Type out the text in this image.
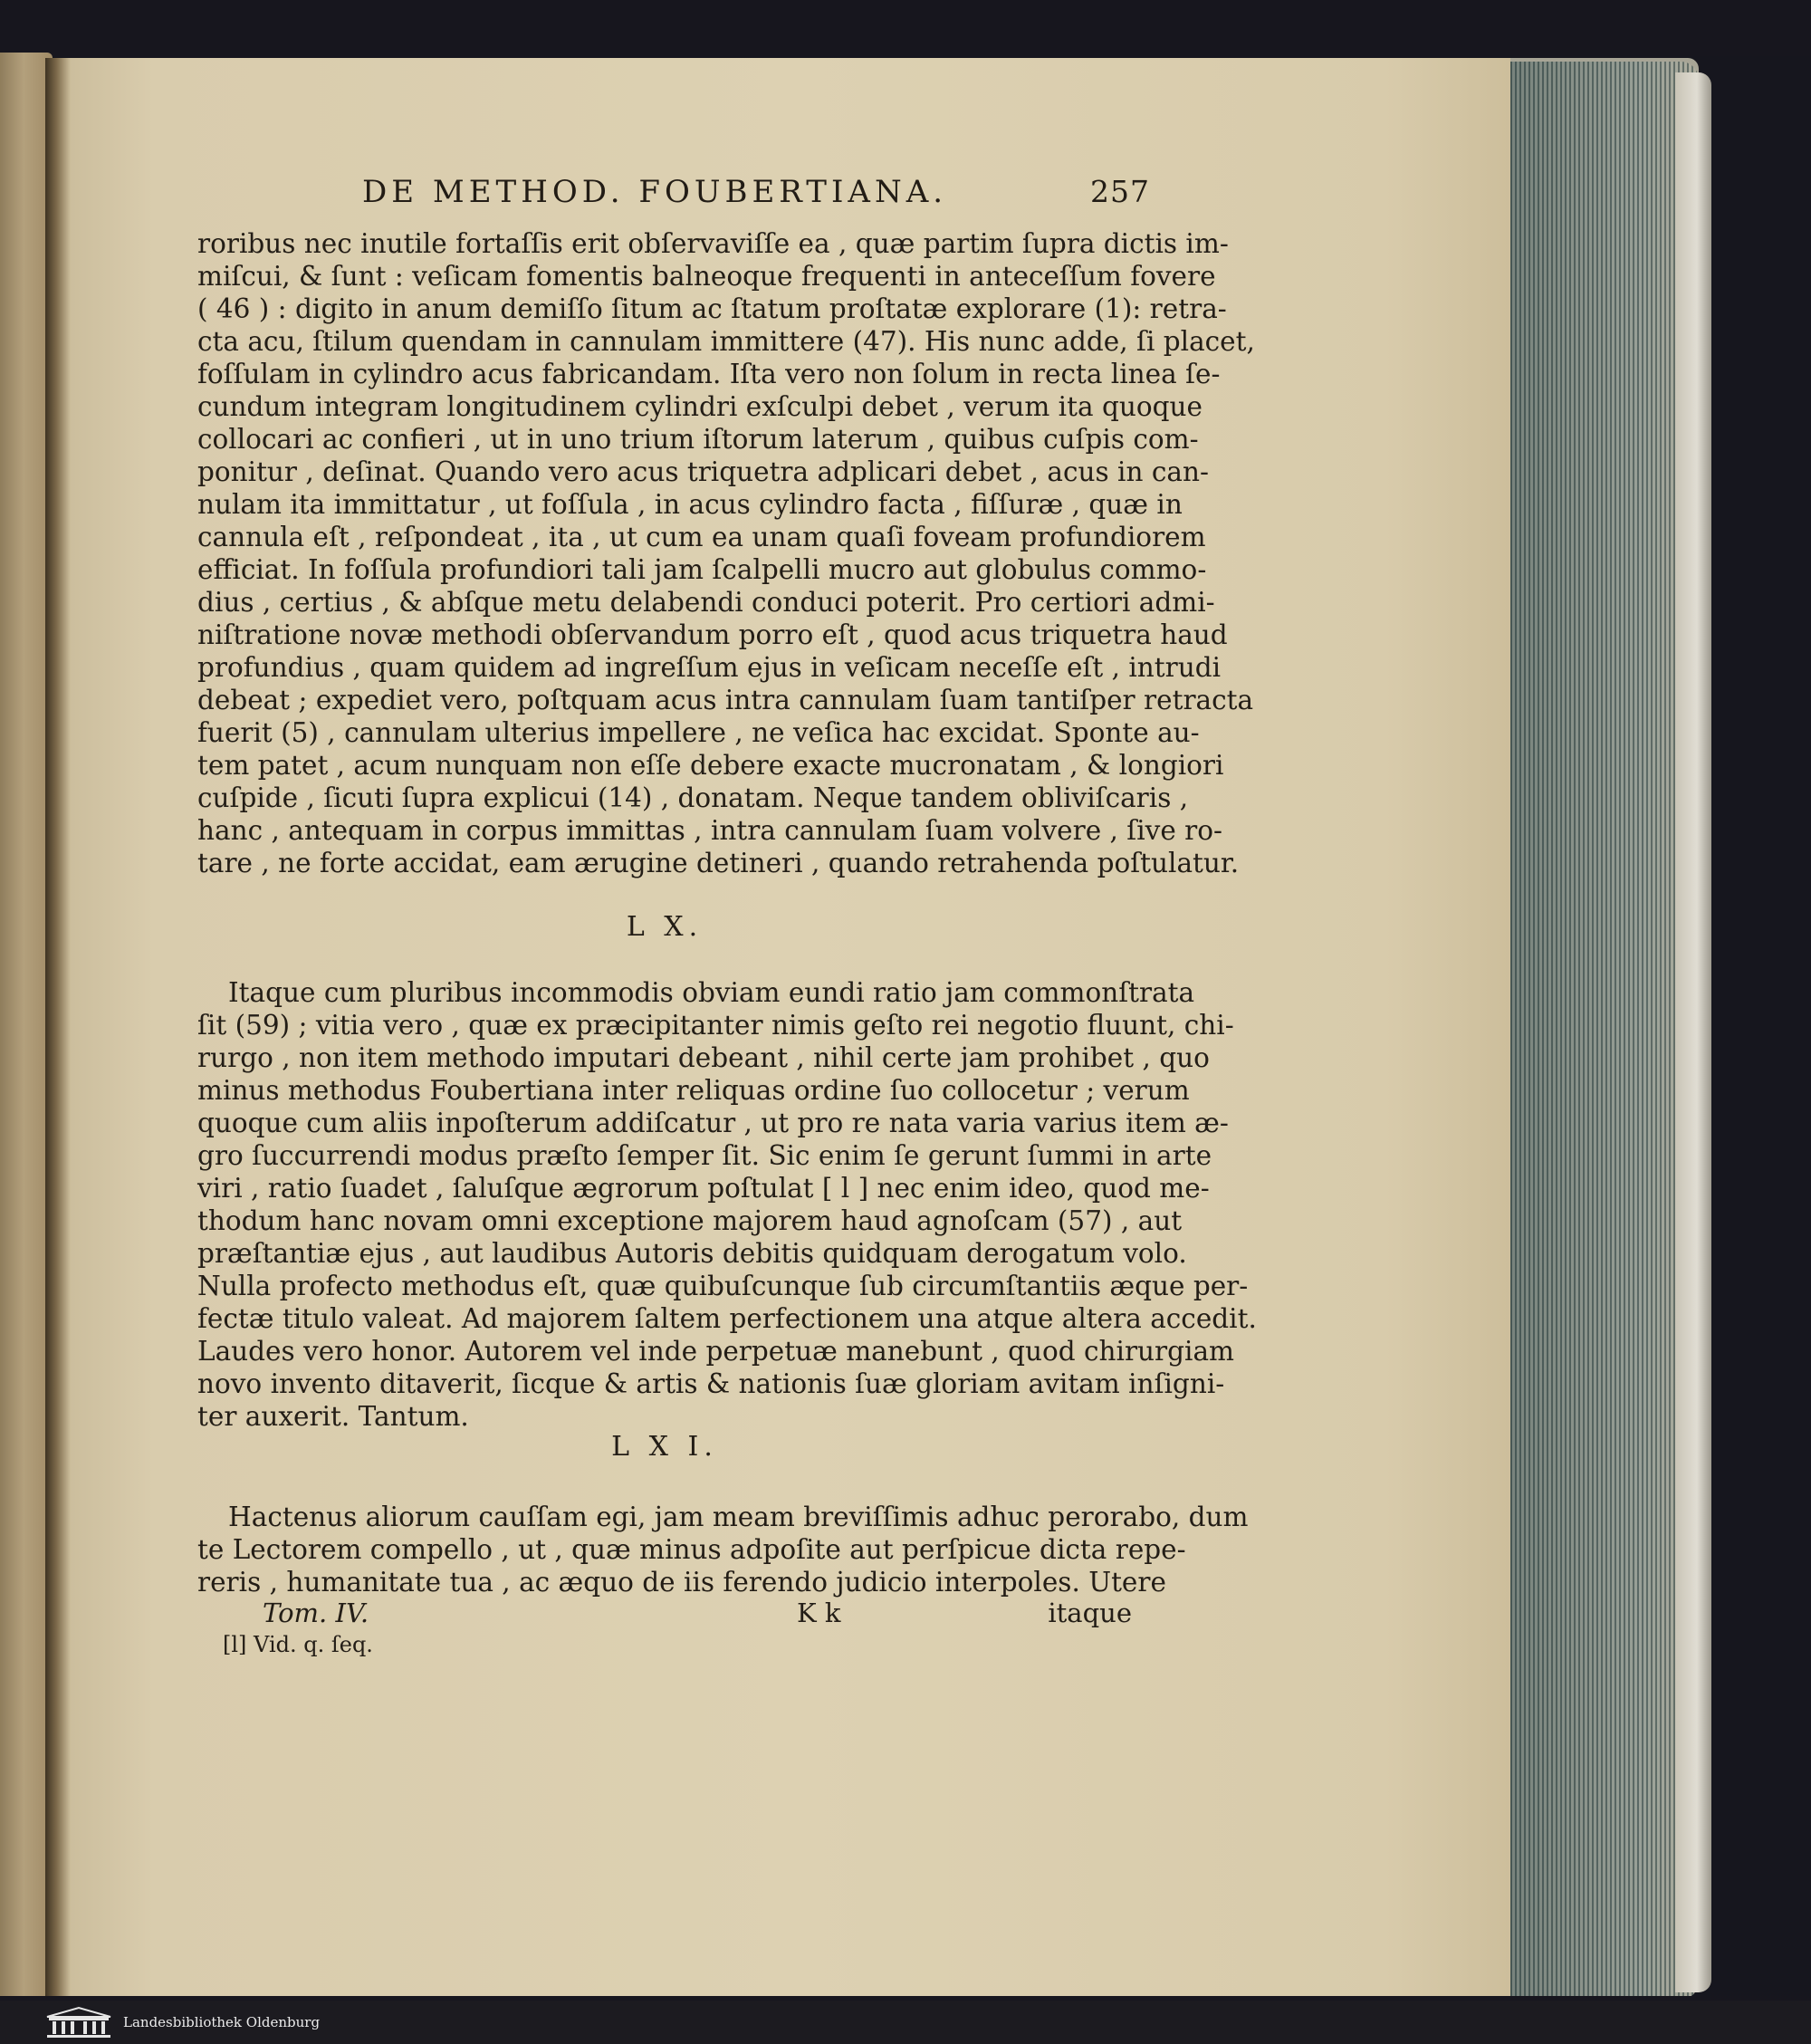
DE METHOD. FOUBERTIANA.	257
roribus nec inutile fortaſſis erit obſervaviſſe ea , quæ partim ſupra dictis im-
miſcui, & ſunt : veſicam fomentis balneoque frequenti in anteceſſum fovere
( 46 ) : digito in anum demiſſo ſitum ac ſtatum proſtatæ explorare (1): retra-
cta acu, ſtilum quendam in cannulam immittere (47). His nunc adde, ſi placet,
foſſulam in cylindro acus fabricandam. Iſta vero non ſolum in recta linea ſe-
cundum integram longitudinem cylindri exſculpi debet , verum ita quoque
collocari ac confieri , ut in uno trium iſtorum laterum , quibus cuſpis com-
ponitur , deſinat. Quando vero acus triquetra adplicari debet , acus in can-
nulam ita immittatur , ut foſſula , in acus cylindro facta , fiſſuræ , quæ in
cannula eſt , reſpondeat , ita , ut cum ea unam quaſi foveam profundiorem
efficiat. In foſſula profundiori tali jam ſcalpelli mucro aut globulus commo-
dius , certius , & abſque metu delabendi conduci poterit. Pro certiori admi-
niſtratione novæ methodi obſervandum porro eſt , quod acus triquetra haud
profundius , quam quidem ad ingreſſum ejus in veſicam neceſſe eſt , intrudi
debeat ; expediet vero, poſtquam acus intra cannulam ſuam tantiſper retracta
fuerit (5) , cannulam ulterius impellere , ne veſica hac excidat. Sponte au-
tem patet , acum nunquam non eſſe debere exacte mucronatam , & longiori
cuſpide , ſicuti ſupra explicui (14) , donatam. Neque tandem obliviſcaris ,
hanc , antequam in corpus immittas , intra cannulam ſuam volvere , ſive ro-
tare , ne forte accidat, eam ærugine detineri , quando retrahenda poſtulatur.
L X.
Itaque cum pluribus incommodis obviam eundi ratio jam commonſtrata
ſit (59) ; vitia vero , quæ ex præcipitanter nimis geſto rei negotio fluunt, chi-
rurgo , non item methodo imputari debeant , nihil certe jam prohibet , quo
minus methodus Foubertiana inter reliquas ordine ſuo collocetur ; verum
quoque cum aliis inpoſterum addiſcatur , ut pro re nata varia varius item æ-
gro ſuccurrendi modus præſto ſemper ſit. Sic enim ſe gerunt ſummi in arte
viri , ratio ſuadet , ſaluſque ægrorum poſtulat [ l ] nec enim ideo, quod me-
thodum hanc novam omni exceptione majorem haud agnoſcam (57) , aut
præſtantiæ ejus , aut laudibus Autoris debitis quidquam derogatum volo.
Nulla profecto methodus eſt, quæ quibuſcunque ſub circumſtantiis æque per-
fectæ titulo valeat. Ad majorem ſaltem perfectionem una atque altera accedit.
Laudes vero honor. Autorem vel inde perpetuæ manebunt , quod chirurgiam
novo invento ditaverit, ſicque & artis & nationis ſuæ gloriam avitam inſigni-
ter auxerit. Tantum.
L X I.
Hactenus aliorum cauſſam egi, jam meam breviſſimis adhuc perorabo, dum
te Lectorem compello , ut , quæ minus adpoſite aut perſpicue dicta repe-
reris , humanitate tua , ac æquo de iis ferendo judicio interpoles. Utere
Tom. IV.	K k	itaque
[l] Vid. q. ſeq.
Landesbibliothek Oldenburg
